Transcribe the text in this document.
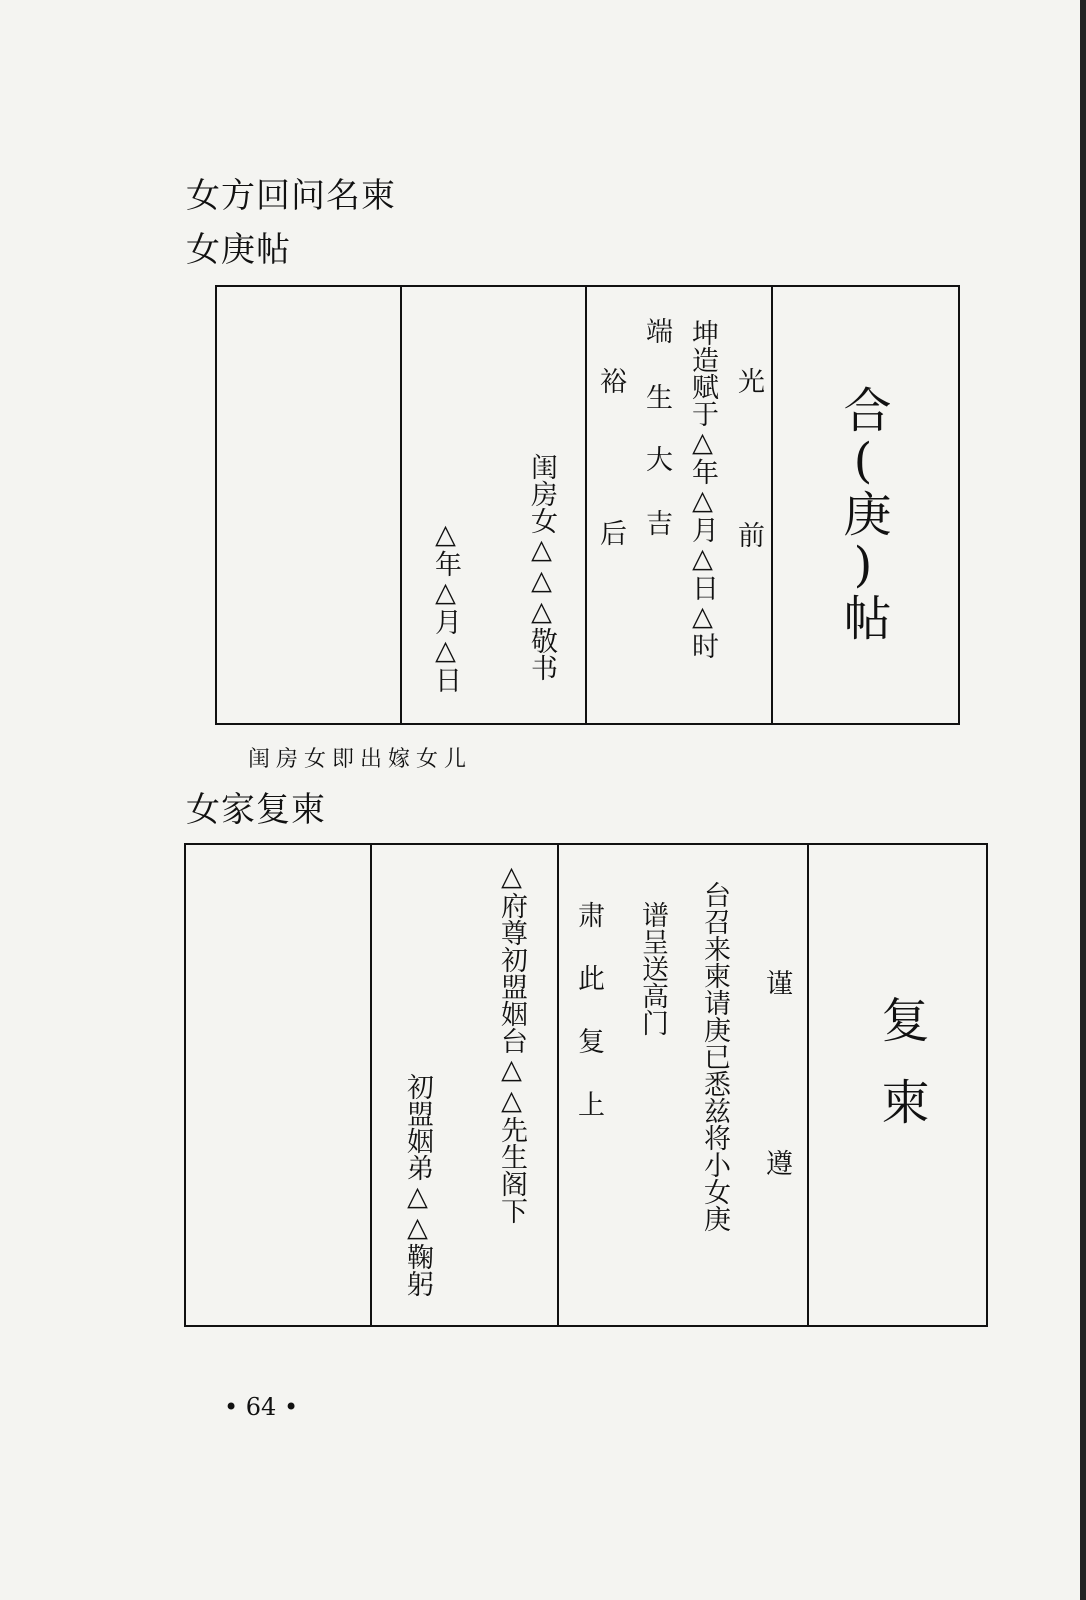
女方回问名柬
女庚帖
△年△月△日 闺房女△△△敬书
裕
后
端
生
大
吉 坤造赋于△年△月△日△时 光
前 合(庚)帖
闺房女即出嫁女儿
女家复柬
初盟姻弟△△鞠躬 △府尊初盟姻台△△先生阁下 肃此复上 谱呈送高门 台召来柬请庚已悉兹将小女庚 谨
遵
复柬
• 64 •
